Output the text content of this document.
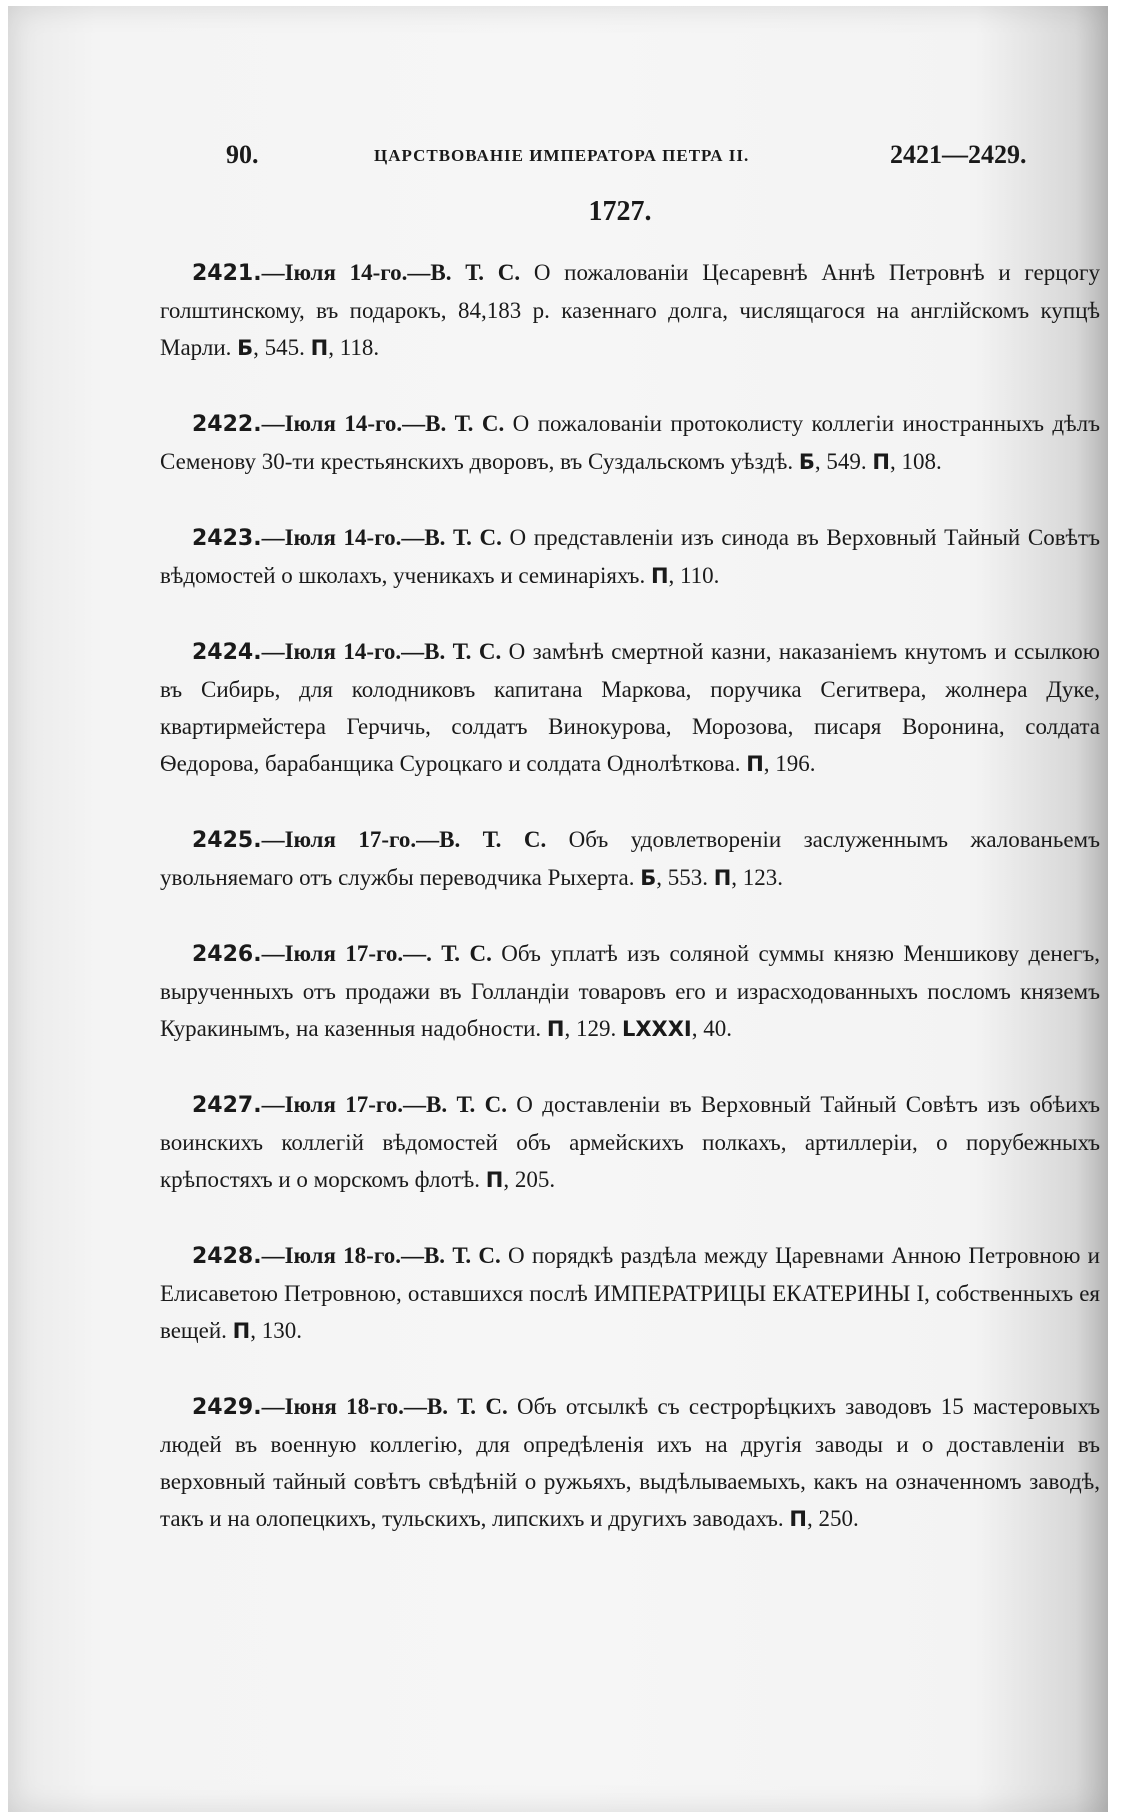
90.	ЦАРСТВОВАНІЕ ИМПЕРАТОРА ПЕТРА II.	2421—2429.
1727.

2421.—Іюля 14-го.—В. Т. С. О пожалованіи Цесаревнѣ Аннѣ Петровнѣ и герцогу голштинскому, въ подарокъ, 84,183 р. казеннаго долга, числящагося на англійскомъ купцѣ Марли. Б, 545. П, 118.

2422.—Іюля 14-го.—В. Т. С. О пожалованіи протоколисту коллегіи иностранныхъ дѣлъ Семенову 30-ти крестьянскихъ дворовъ, въ Суздальскомъ уѣздѣ. Б, 549. П, 108.

2423.—Іюля 14-го.—В. Т. С. О представленіи изъ синода въ Верховный Тайный Совѣтъ вѣдомостей о школахъ, ученикахъ и семинаріяхъ. П, 110.

2424.—Іюля 14-го.—В. Т. С. О замѣнѣ смертной казни, наказаніемъ кнутомъ и ссылкою въ Сибирь, для колодниковъ капитана Маркова, поручика Сегитвера, жолнера Дуке, квартирмейстера Герчичь, солдатъ Винокурова, Морозова, писаря Воронина, солдата Ѳедорова, барабанщика Суроцкаго и солдата Однолѣткова. П, 196.

2425.—Іюля 17-го.—В. Т. С. Объ удовлетвореніи заслуженнымъ жалованьемъ увольняемаго отъ службы переводчика Рыхерта. Б, 553. П, 123.

2426.—Іюля 17-го.—. Т. С. Объ уплатѣ изъ соляной суммы князю Меншикову денегъ, вырученныхъ отъ продажи въ Голландіи товаровъ его и израсходованныхъ посломъ княземъ Куракинымъ, на казенныя надобности. П, 129. LXXXI, 40.

2427.—Іюля 17-го.—В. Т. С. О доставленіи въ Верховный Тайный Совѣтъ изъ обѣихъ воинскихъ коллегій вѣдомостей объ армейскихъ полкахъ, артиллеріи, о порубежныхъ крѣпостяхъ и о морскомъ флотѣ. П, 205.

2428.—Іюля 18-го.—В. Т. С. О порядкѣ раздѣла между Царевнами Анною Петровною и Елисаветою Петровною, оставшихся послѣ ИМПЕРАТРИЦЫ ЕКАТЕРИНЫ I, собственныхъ ея вещей. П, 130.

2429.—Іюня 18-го.—В. Т. С. Объ отсылкѣ съ сестрорѣцкихъ заводовъ 15 мастеровыхъ людей въ военную коллегію, для опредѣленія ихъ на другія заводы и о доставленіи въ верховный тайный совѣтъ свѣдѣній о ружьяхъ, выдѣлываемыхъ, какъ на означенномъ заводѣ, такъ и на олопецкихъ, тульскихъ, липскихъ и другихъ заводахъ. П, 250.
